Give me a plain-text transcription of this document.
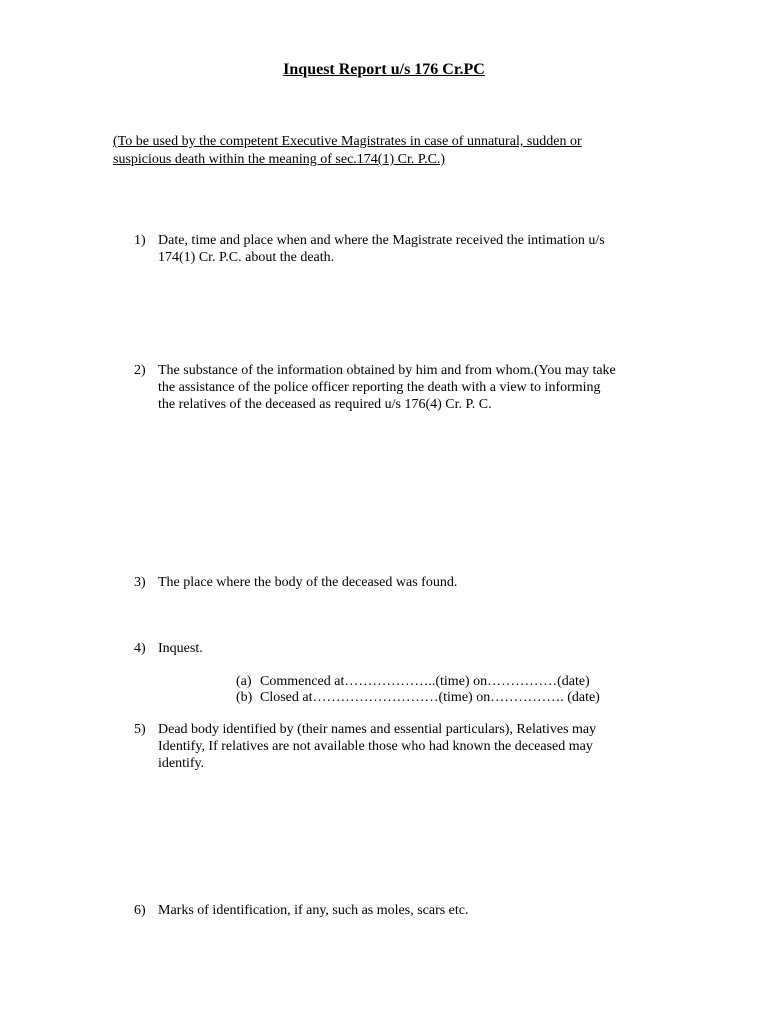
Inquest Report u/s 176 Cr.PC
(To be used by the competent Executive Magistrates in case of unnatural, sudden or
suspicious death within the meaning of sec.174(1) Cr. P.C.)
1) Date, time and place when and where the Magistrate received the intimation u/s
174(1) Cr. P.C. about the death.
2) The substance of the information obtained by him and from whom.(You may take
the assistance of the police officer reporting the death with a view to informing
the relatives of the deceased as required u/s 176(4) Cr. P. C.
3) The place where the body of the deceased was found.
4) Inquest.
(a) Commenced at………………..(time) on……………(date)
(b) Closed at………………………(time) on……………. (date)
5) Dead body identified by (their names and essential particulars), Relatives may
Identify, If relatives are not available those who had known the deceased may
identify.
6) Marks of identification, if any, such as moles, scars etc.
